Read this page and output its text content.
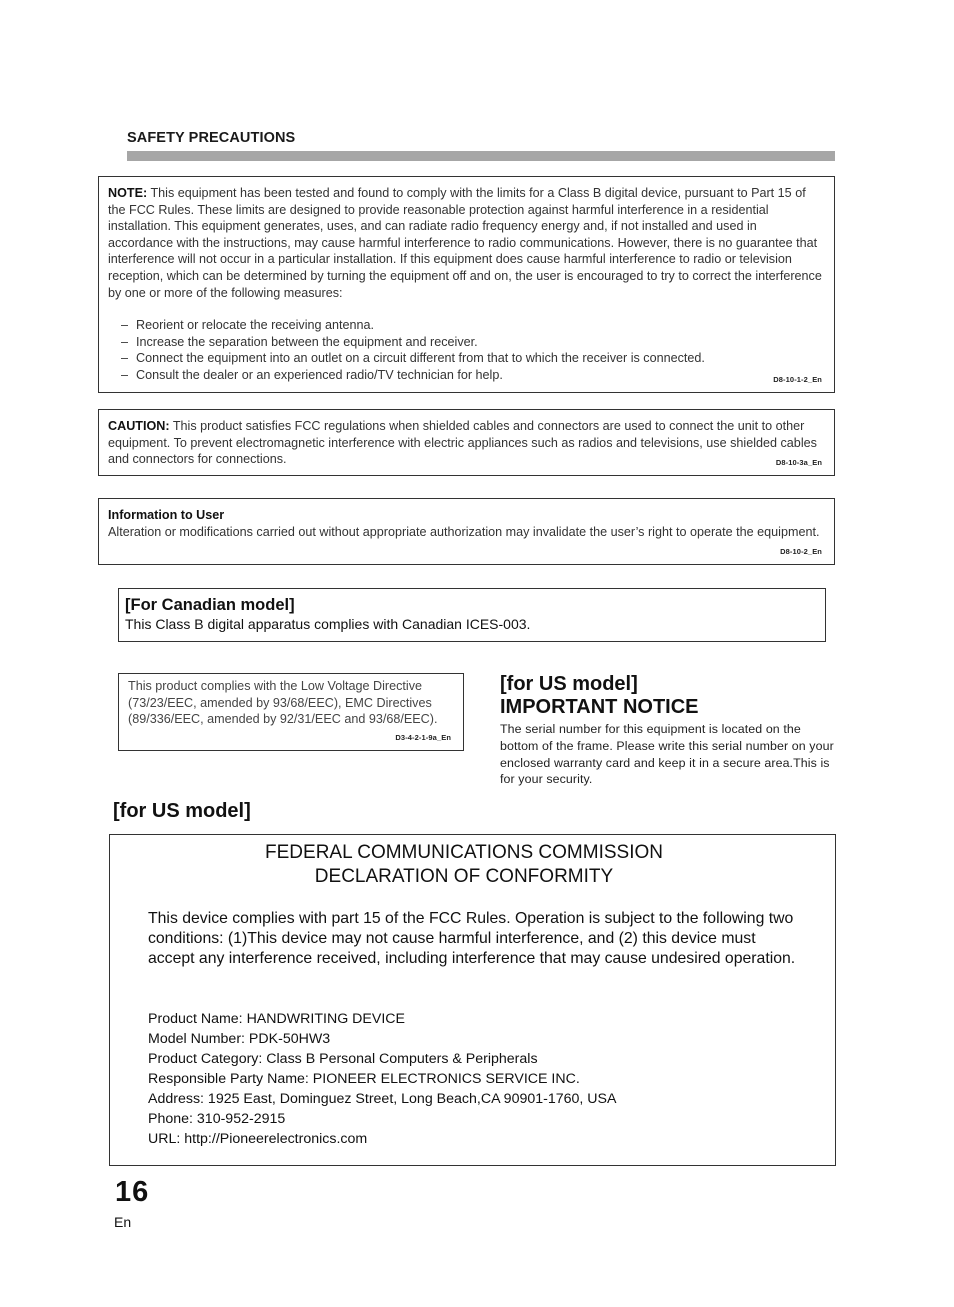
SAFETY PRECAUTIONS
NOTE: This equipment has been tested and found to comply with the limits for a Class B digital device, pursuant to Part 15 of the FCC Rules. These limits are designed to provide reasonable protection against harmful interference in a residential installation. This equipment generates, uses, and can radiate radio frequency energy and, if not installed and used in accordance with the instructions, may cause harmful interference to radio communications. However, there is no guarantee that interference will not occur in a particular installation. If this equipment does cause harmful interference to radio or television reception, which can be determined by turning the equipment off and on, the user is encouraged to try to correct the interference by one or more of the following measures:
– Reorient or relocate the receiving antenna.
– Increase the separation between the equipment and receiver.
– Connect the equipment into an outlet on a circuit different from that to which the receiver is connected.
– Consult the dealer or an experienced radio/TV technician for help.	D8-10-1-2_En
CAUTION: This product satisfies FCC regulations when shielded cables and connectors are used to connect the unit to other equipment. To prevent electromagnetic interference with electric appliances such as radios and televisions, use shielded cables and connectors for connections.	D8-10-3a_En
Information to User
Alteration or modifications carried out without appropriate authorization may invalidate the user’s right to operate the equipment.
D8-10-2_En
[For Canadian model]
This Class B digital apparatus complies with Canadian ICES-003.
This product complies with the Low Voltage Directive (73/23/EEC, amended by 93/68/EEC), EMC Directives (89/336/EEC, amended by 92/31/EEC and 93/68/EEC).
D3-4-2-1-9a_En
[for US model]
IMPORTANT NOTICE
The serial number for this equipment is located on the bottom of the frame. Please write this serial number on your enclosed warranty card and keep it in a secure area.This is for your security.
[for US model]
FEDERAL COMMUNICATIONS COMMISSION
DECLARATION OF CONFORMITY
This device complies with part 15 of the FCC Rules. Operation is subject to the following two conditions: (1)This device may not cause harmful interference, and (2) this device must accept any interference received, including interference that may cause undesired operation.
Product Name: HANDWRITING DEVICE
Model Number: PDK-50HW3
Product Category: Class B Personal Computers & Peripherals
Responsible Party Name: PIONEER ELECTRONICS SERVICE INC.
Address: 1925 East, Dominguez Street, Long Beach,CA 90901-1760, USA
Phone: 310-952-2915
URL: http://Pioneerelectronics.com
16
En
